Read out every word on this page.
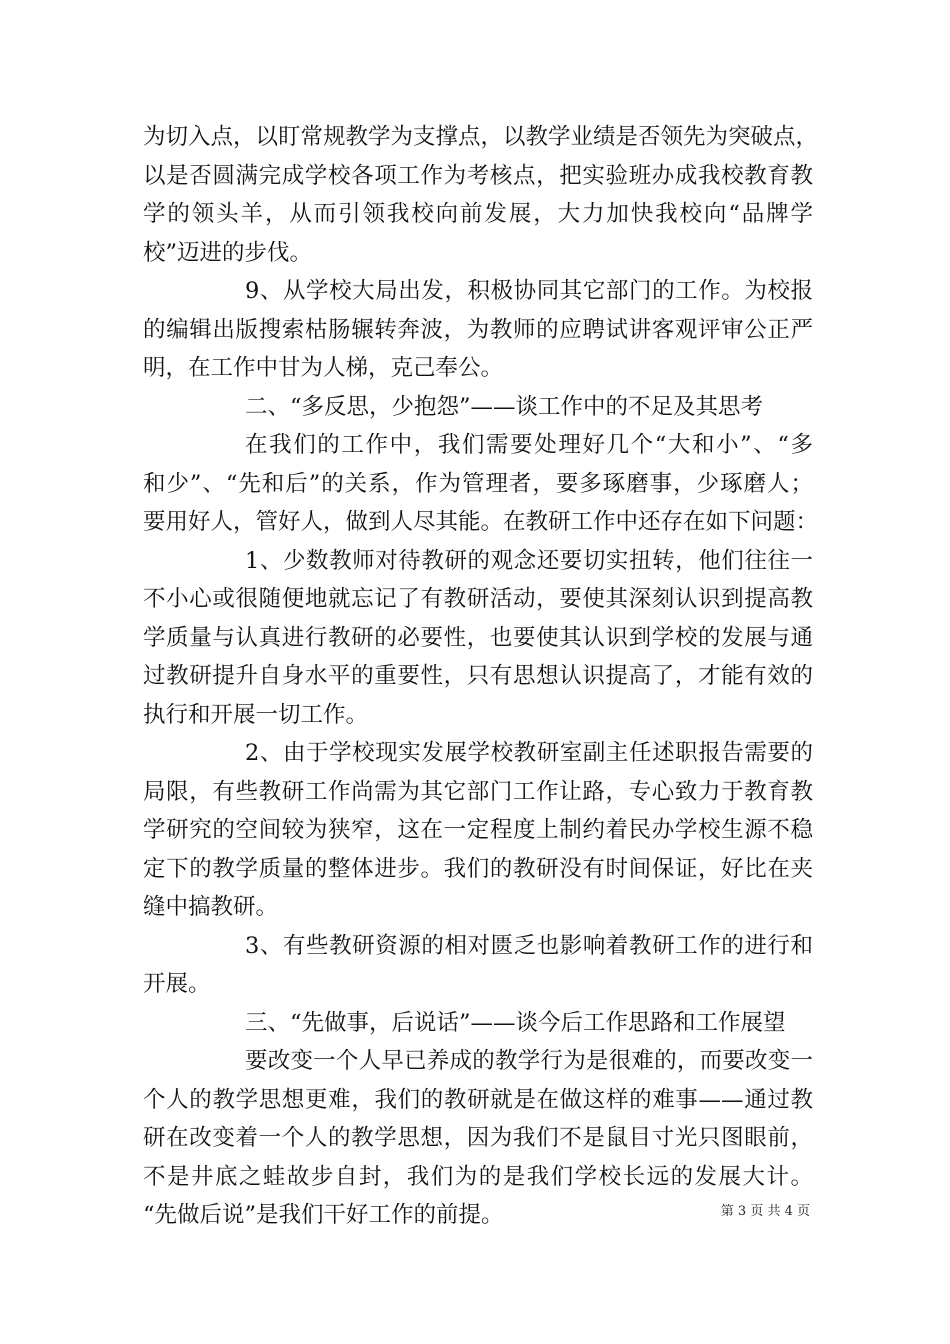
为切入点，以盯常规教学为支撑点，以教学业绩是否领先为突破点，
以是否圆满完成学校各项工作为考核点，把实验班办成我校教育教
学的领头羊，从而引领我校向前发展，大力加快我校向“品牌学
校”迈进的步伐。
9、从学校大局出发，积极协同其它部门的工作。为校报
的编辑出版搜索枯肠辗转奔波，为教师的应聘试讲客观评审公正严
明，在工作中甘为人梯，克己奉公。
二、“多反思，少抱怨”——谈工作中的不足及其思考
在我们的工作中，我们需要处理好几个“大和小”、“多
和少”、“先和后”的关系，作为管理者，要多琢磨事，少琢磨人；
要用好人，管好人，做到人尽其能。在教研工作中还存在如下问题：
1、少数教师对待教研的观念还要切实扭转，他们往往一
不小心或很随便地就忘记了有教研活动，要使其深刻认识到提高教
学质量与认真进行教研的必要性，也要使其认识到学校的发展与通
过教研提升自身水平的重要性，只有思想认识提高了，才能有效的
执行和开展一切工作。
2、由于学校现实发展学校教研室副主任述职报告需要的
局限，有些教研工作尚需为其它部门工作让路，专心致力于教育教
学研究的空间较为狭窄，这在一定程度上制约着民办学校生源不稳
定下的教学质量的整体进步。我们的教研没有时间保证，好比在夹
缝中搞教研。
3、有些教研资源的相对匮乏也影响着教研工作的进行和
开展。
三、“先做事，后说话”——谈今后工作思路和工作展望
要改变一个人早已养成的教学行为是很难的，而要改变一
个人的教学思想更难，我们的教研就是在做这样的难事——通过教
研在改变着一个人的教学思想，因为我们不是鼠目寸光只图眼前，
不是井底之蛙故步自封，我们为的是我们学校长远的发展大计。
“先做后说”是我们干好工作的前提。	第 3 页 共 4 页
